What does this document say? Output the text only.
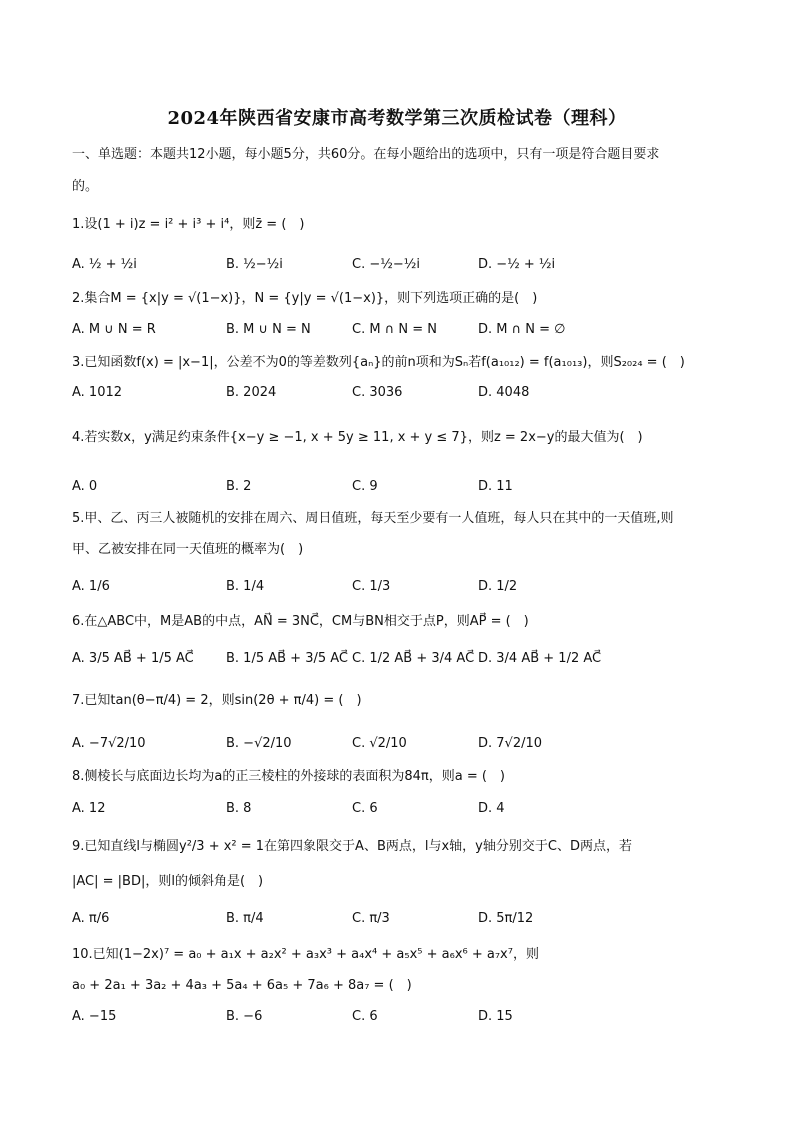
2024年陕西省安康市高考数学第三次质检试卷（理科）
一、单选题：本题共12小题，每小题5分，共60分。在每小题给出的选项中，只有一项是符合题目要求
的。
1.设(1 + i)z = i² + i³ + i⁴，则z̄ = (　)
A. ½ + ½i	B. ½−½i	C. −½−½i	D. −½ + ½i
2.集合M = {x|y = √(1−x)}，N = {y|y = √(1−x)}，则下列选项正确的是(　)
A. M ∪ N = R	B. M ∪ N = N	C. M ∩ N = N	D. M ∩ N = ∅
3.已知函数f(x) = |x−1|，公差不为0的等差数列{aₙ}的前n项和为Sₙ若f(a₁₀₁₂) = f(a₁₀₁₃)，则S₂₀₂₄ = (　)
A. 1012	B. 2024	C. 3036	D. 4048
4.若实数x，y满足约束条件{x−y ≥ −1, x + 5y ≥ 11, x + y ≤ 7}，则z = 2x−y的最大值为(　)
A. 0	B. 2	C. 9	D. 11
5.甲、乙、丙三人被随机的安排在周六、周日值班，每天至少要有一人值班，每人只在其中的一天值班,则
甲、乙被安排在同一天值班的概率为(　)
A. 1/6	B. 1/4	C. 1/3	D. 1/2
6.在△ABC中，M是AB的中点，AN⃗ = 3NC⃗，CM与BN相交于点P，则AP⃗ = (　)
A. 3/5 AB⃗ + 1/5 AC⃗ B. 1/5 AB⃗ + 3/5 AC⃗ C. 1/2 AB⃗ + 3/4 AC⃗ D. 3/4 AB⃗ + 1/2 AC⃗
7.已知tan(θ−π/4) = 2，则sin(2θ + π/4) = (　)
A. −7√2/10	B. −√2/10	C. √2/10	D. 7√2/10
8.侧棱长与底面边长均为a的正三棱柱的外接球的表面积为84π，则a = (　)
A. 12	B. 8	C. 6	D. 4
9.已知直线l与椭圆y²/3 + x² = 1在第四象限交于A、B两点，l与x轴，y轴分别交于C、D两点，若
|AC| = |BD|，则l的倾斜角是(　)
A. π/6	B. π/4	C. π/3	D. 5π/12
10.已知(1−2x)⁷ = a₀ + a₁x + a₂x² + a₃x³ + a₄x⁴ + a₅x⁵ + a₆x⁶ + a₇x⁷，则
a₀ + 2a₁ + 3a₂ + 4a₃ + 5a₄ + 6a₅ + 7a₆ + 8a₇ = (　)
A. −15	B. −6	C. 6	D. 15
